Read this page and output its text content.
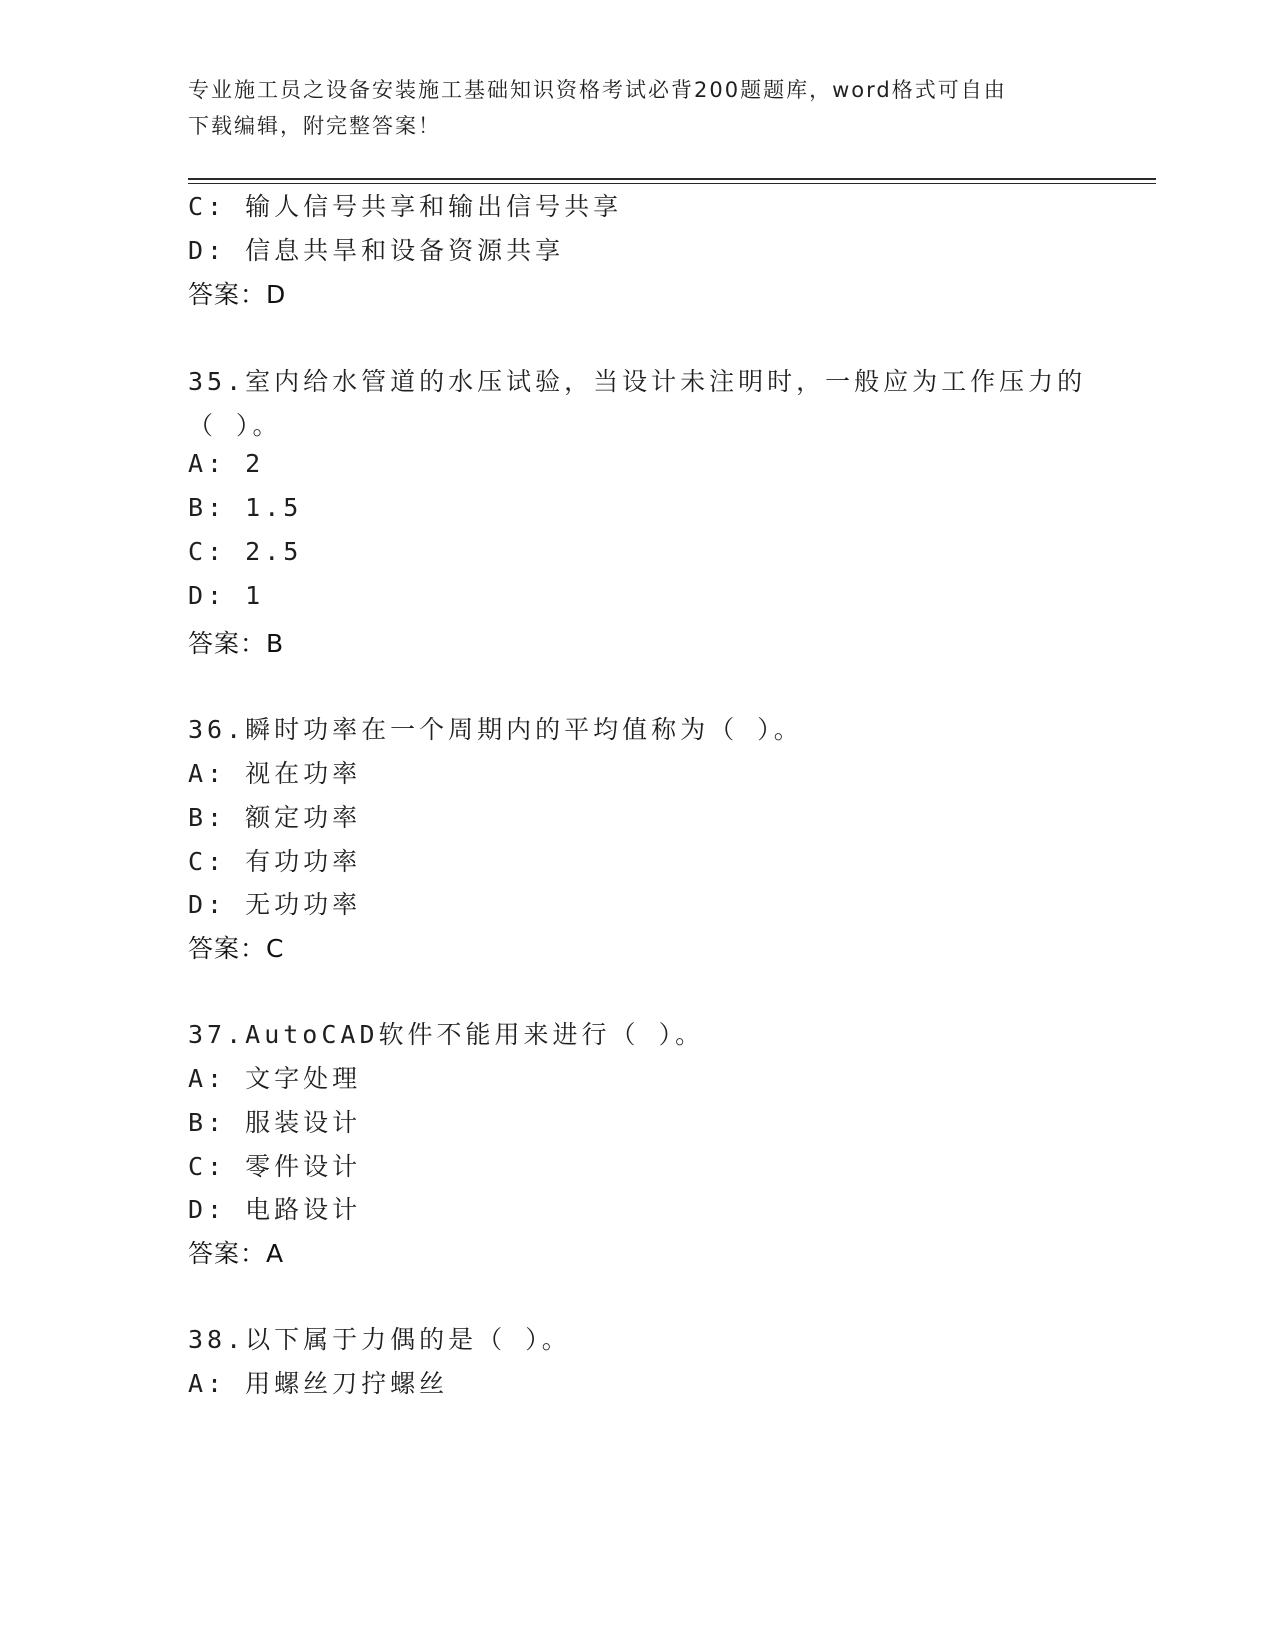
专业施工员之设备安装施工基础知识资格考试必背200题题库，word格式可自由

下载编辑，附完整答案！

C: 输人信号共享和输出信号共享
D: 信息共旱和设备资源共享
答案：D
35.室内给水管道的水压试验，当设计未注明时，一般应为工作压力的
（ ）。
A: 2
B: 1.5
C: 2.5
D: 1
答案：B
36.瞬时功率在一个周期内的平均值称为（ ）。
A: 视在功率
B: 额定功率
C: 有功功率
D: 无功功率
答案：C
37.AutoCAD软件不能用来进行（ ）。
A: 文字处理
B: 服装设计
C: 零件设计
D: 电路设计
答案：A
38.以下属于力偶的是（ ）。
A: 用螺丝刀拧螺丝
